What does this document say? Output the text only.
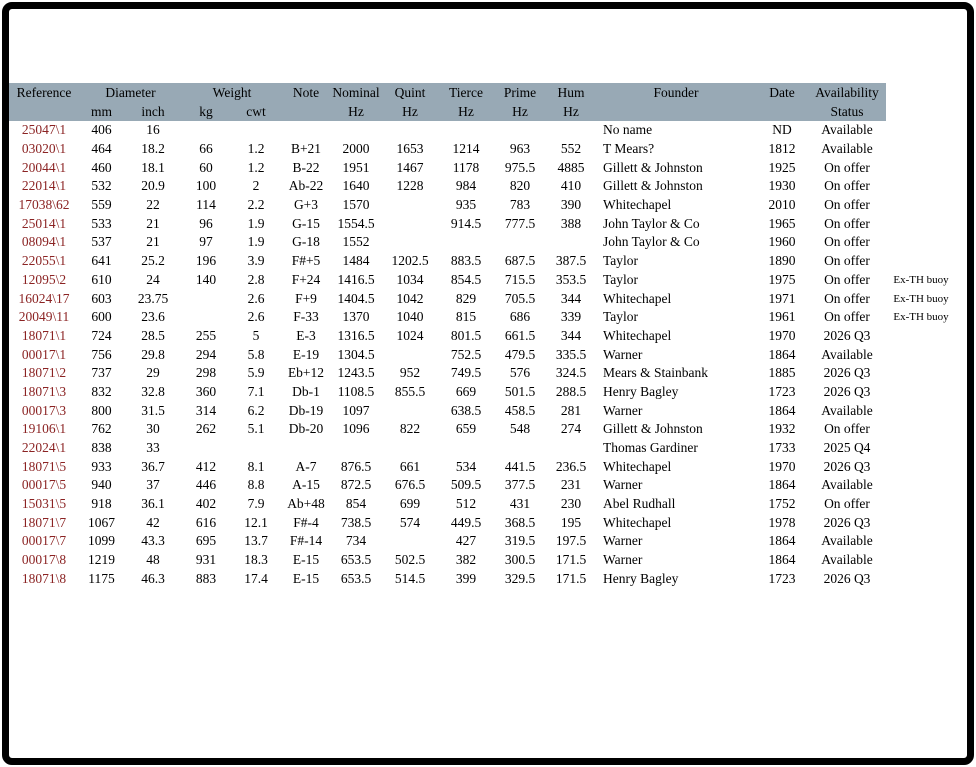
Reference	Diameter		Weight		Note	Nominal	Quint	Tierce	Prime	Hum	Founder	Date	Availability	
	mm	inch	kg	cwt		Hz	Hz	Hz	Hz	Hz			Status	
25047\1	406	16									No name	ND	Available	
03020\1	464	18.2	66	1.2	B+21	2000	1653	1214	963	552	T Mears?	1812	Available	
20044\1	460	18.1	60	1.2	B-22	1951	1467	1178	975.5	4885	Gillett & Johnston	1925	On offer	
22014\1	532	20.9	100	2	Ab-22	1640	1228	984	820	410	Gillett & Johnston	1930	On offer	
17038\62	559	22	114	2.2	G+3	1570		935	783	390	Whitechapel	2010	On offer	
25014\1	533	21	96	1.9	G-15	1554.5		914.5	777.5	388	John Taylor & Co	1965	On offer	
08094\1	537	21	97	1.9	G-18	1552					John Taylor & Co	1960	On offer	
22055\1	641	25.2	196	3.9	F#+5	1484	1202.5	883.5	687.5	387.5	Taylor	1890	On offer	
12095\2	610	24	140	2.8	F+24	1416.5	1034	854.5	715.5	353.5	Taylor	1975	On offer	Ex-TH buoy
16024\17	603	23.75		2.6	F+9	1404.5	1042	829	705.5	344	Whitechapel	1971	On offer	Ex-TH buoy
20049\11	600	23.6		2.6	F-33	1370	1040	815	686	339	Taylor	1961	On offer	Ex-TH buoy
18071\1	724	28.5	255	5	E-3	1316.5	1024	801.5	661.5	344	Whitechapel	1970	2026 Q3	
00017\1	756	29.8	294	5.8	E-19	1304.5		752.5	479.5	335.5	Warner	1864	Available	
18071\2	737	29	298	5.9	Eb+12	1243.5	952	749.5	576	324.5	Mears & Stainbank	1885	2026 Q3	
18071\3	832	32.8	360	7.1	Db-1	1108.5	855.5	669	501.5	288.5	Henry Bagley	1723	2026 Q3	
00017\3	800	31.5	314	6.2	Db-19	1097		638.5	458.5	281	Warner	1864	Available	
19106\1	762	30	262	5.1	Db-20	1096	822	659	548	274	Gillett & Johnston	1932	On offer	
22024\1	838	33									Thomas Gardiner	1733	2025 Q4	
18071\5	933	36.7	412	8.1	A-7	876.5	661	534	441.5	236.5	Whitechapel	1970	2026 Q3	
00017\5	940	37	446	8.8	A-15	872.5	676.5	509.5	377.5	231	Warner	1864	Available	
15031\5	918	36.1	402	7.9	Ab+48	854	699	512	431	230	Abel Rudhall	1752	On offer	
18071\7	1067	42	616	12.1	F#-4	738.5	574	449.5	368.5	195	Whitechapel	1978	2026 Q3	
00017\7	1099	43.3	695	13.7	F#-14	734		427	319.5	197.5	Warner	1864	Available	
00017\8	1219	48	931	18.3	E-15	653.5	502.5	382	300.5	171.5	Warner	1864	Available	
18071\8	1175	46.3	883	17.4	E-15	653.5	514.5	399	329.5	171.5	Henry Bagley	1723	2026 Q3	
